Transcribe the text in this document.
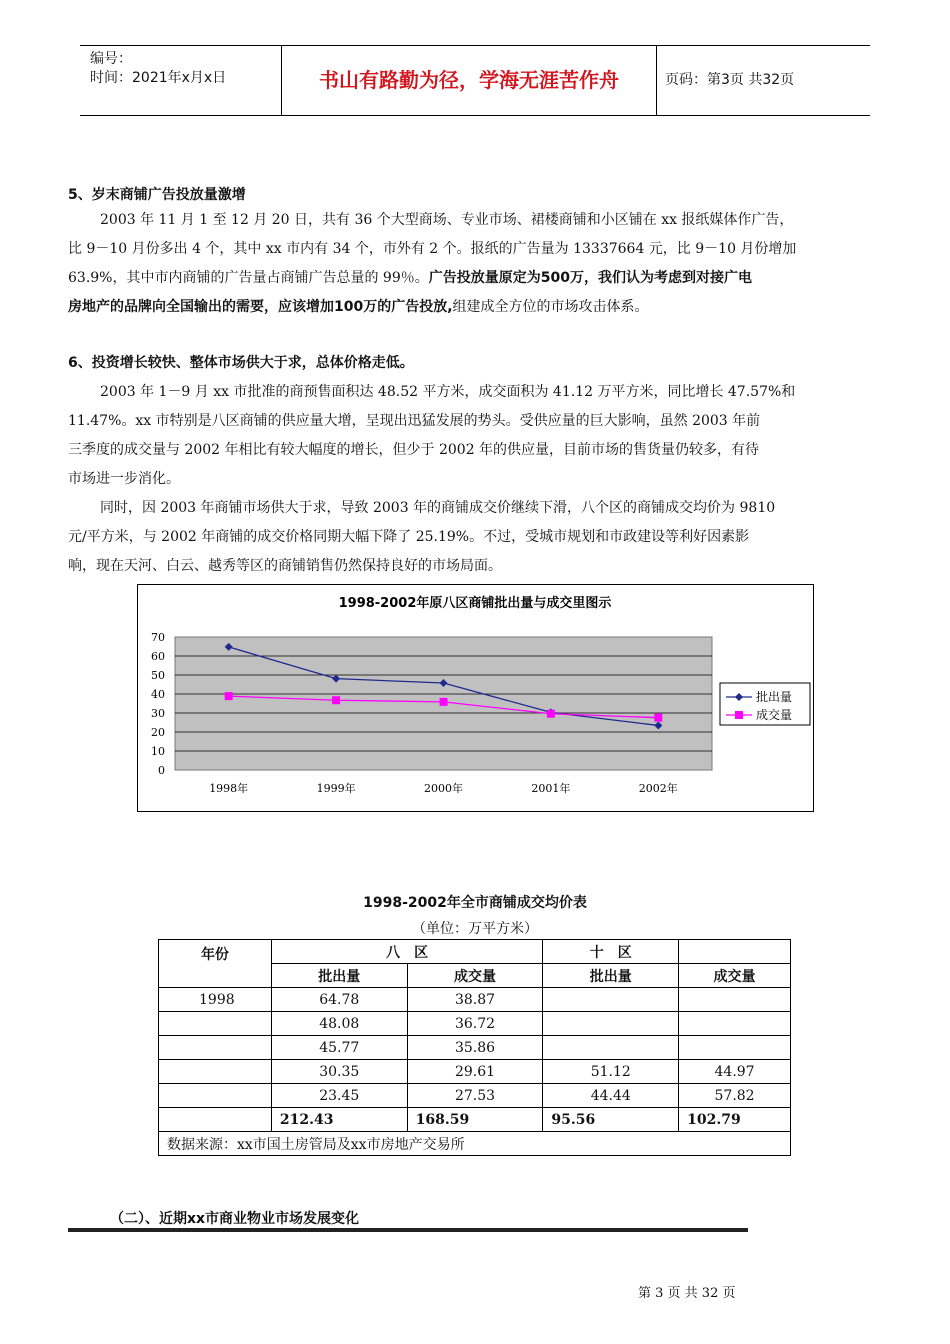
编号：
时间：2021年x月x日	书山有路勤为径，学海无涯苦作舟	页码：第3页 共32页
5、岁末商铺广告投放量激增
2003 年 11 月 1 至 12 月 20 日，共有 36 个大型商场、专业市场、裙楼商铺和小区铺在 xx 报纸媒体作广告，
比 9－10 月份多出 4 个，其中 xx 市内有 34 个，市外有 2 个。报纸的广告量为 13337664 元，比 9－10 月份增加
63.9%，其中市内商铺的广告量占商铺广告总量的 99％。广告投放量原定为500万，我们认为考虑到对接广电
房地产的品牌向全国输出的需要，应该增加100万的广告投放,组建成全方位的市场攻击体系。
6、投资增长较快、整体市场供大于求，总体价格走低。
2003 年 1－9 月 xx 市批准的商预售面积达 48.52 平方米，成交面积为 41.12 万平方米，同比增长 47.57%和
11.47%。xx 市特别是八区商铺的供应量大增，呈现出迅猛发展的势头。受供应量的巨大影响，虽然 2003 年前
三季度的成交量与 2002 年相比有较大幅度的增长，但少于 2002 年的供应量，目前市场的售货量仍较多，有待
市场进一步消化。
同时，因 2003 年商铺市场供大于求，导致 2003 年的商铺成交价继续下滑，八个区的商铺成交均价为 9810
元/平方米，与 2002 年商铺的成交价格同期大幅下降了 25.19%。不过，受城市规划和市政建设等利好因素影
响，现在天河、白云、越秀等区的商铺销售仍然保持良好的市场局面。
1998-2002年原八区商铺批出量与成交里图示
70
60
50
40
30
20
10
0
1998年	1999年	2000年	2001年	2002年
批出量
成交量
1998-2002年全市商铺成交均价表
（单位：万平方米）
年份	八　区		十　区	
	批出量	成交量	批出量	成交量
1998	64.78	38.87		
	48.08	36.72		
	45.77	35.86		
	30.35	29.61	51.12	44.97
	23.45	27.53	44.44	57.82
	212.43	168.59	95.56	102.79
数据来源：xx市国土房管局及xx市房地产交易所				
（二）、近期xx市商业物业市场发展变化
第 3 页 共 32 页
